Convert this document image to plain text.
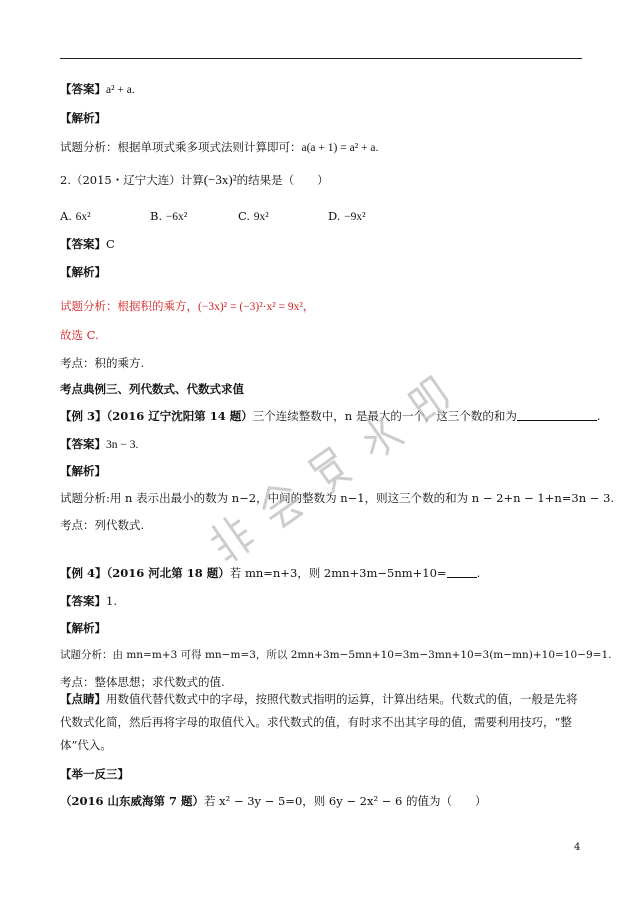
【答案】a² + a.
【解析】
试题分析：根据单项式乘多项式法则计算即可：a(a + 1) = a² + a.
2.（2015・辽宁大连）计算(−3x)²的结果是（　　）
A. 6x²	B. −6x²	C. 9x²	D. −9x²
【答案】C
【解析】
试题分析：根据积的乘方，(−3x)² = (−3)²·x² = 9x²，
故选 C.
考点：积的乘方.
考点典例三、列代数式、代数式求值
【例 3】（2016 辽宁沈阳第 14 题）三个连续整数中，n 是最大的一个，这三个数的和为	.
【答案】3n − 3.
【解析】
试题分析:用 n 表示出最小的数为 n−2，中间的整数为 n−1，则这三个数的和为 n − 2+n − 1+n=3n − 3.
考点：列代数式.
【例 4】（2016 河北第 18 题）若 mn=n+3，则 2mn+3m−5nm+10=	.
【答案】1.
【解析】
试题分析：由 mn=m+3 可得 mn−m=3，所以 2mn+3m−5mn+10=3m−3mn+10=3(m−mn)+10=10−9=1.
考点：整体思想；求代数式的值.
【点睛】用数值代替代数式中的字母，按照代数式指明的运算，计算出结果。代数式的值，一般是先将代数式化简，然后再将字母的取值代入。求代数式的值，有时求不出其字母的值，需要利用技巧，“整体”代入。
【举一反三】
（2016 山东威海第 7 题）若 x² − 3y − 5=0，则 6y − 2x² − 6 的值为（　　）
4
